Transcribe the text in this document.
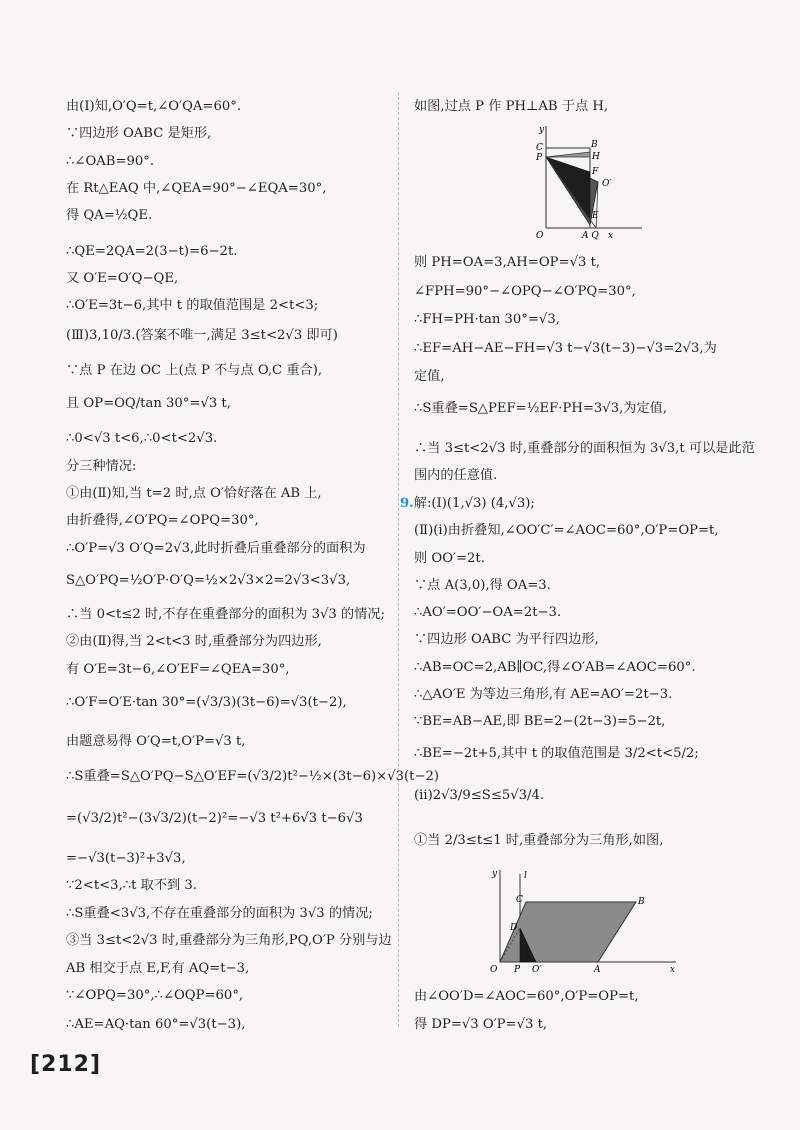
由(Ⅰ)知,O′Q=t,∠O′QA=60°.
∵四边形 OABC 是矩形,
∴∠OAB=90°.
在 Rt△EAQ 中,∠QEA=90°−∠EQA=30°,
得 QA=½QE.
∴QE=2QA=2(3−t)=6−2t.
又 O′E=O′Q−QE,
∴O′E=3t−6,其中 t 的取值范围是 2<t<3;
(Ⅲ)3,10/3.(答案不唯一,满足 3≤t<2√3 即可)
∵点 P 在边 OC 上(点 P 不与点 O,C 重合),
且 OP=OQ/tan 30°=√3 t,
∴0<√3 t<6,∴0<t<2√3.
分三种情况:
①由(Ⅱ)知,当 t=2 时,点 O′恰好落在 AB 上,
由折叠得,∠O′PQ=∠OPQ=30°,
∴O′P=√3 O′Q=2√3,此时折叠后重叠部分的面积为
S△O′PQ=½O′P·O′Q=½×2√3×2=2√3<3√3,
∴当 0<t≤2 时,不存在重叠部分的面积为 3√3 的情况;
②由(Ⅱ)得,当 2<t<3 时,重叠部分为四边形,
有 O′E=3t−6,∠O′EF=∠QEA=30°,
∴O′F=O′E·tan 30°=(√3/3)(3t−6)=√3(t−2),
由题意易得 O′Q=t,O′P=√3 t,
∴S重叠=S△O′PQ−S△O′EF=(√3/2)t²−½×(3t−6)×√3(t−2)
=(√3/2)t²−(3√3/2)(t−2)²=−√3 t²+6√3 t−6√3
=−√3(t−3)²+3√3,
∵2<t<3,∴t 取不到 3.
∴S重叠<3√3,不存在重叠部分的面积为 3√3 的情况;
③当 3≤t<2√3 时,重叠部分为三角形,PQ,O′P 分别与边
AB 相交于点 E,F,有 AQ=t−3,
∵∠OPQ=30°,∴∠OQP=60°,
∴AE=AQ·tan 60°=√3(t−3),
如图,过点 P 作 PH⊥AB 于点 H,
y
C	B
P	H
F
O′
E
O	A Q x
则 PH=OA=3,AH=OP=√3 t,
∠FPH=90°−∠OPQ−∠O′PQ=30°,
∴FH=PH·tan 30°=√3,
∴EF=AH−AE−FH=√3 t−√3(t−3)−√3=2√3,为
定值,
∴S重叠=S△PEF=½EF·PH=3√3,为定值,
∴当 3≤t<2√3 时,重叠部分的面积恒为 3√3,t 可以是此范
围内的任意值.
9.解:(Ⅰ)(1,√3) (4,√3);
(Ⅱ)(ⅰ)由折叠知,∠OO′C′=∠AOC=60°,O′P=OP=t,
则 OO′=2t.
∵点 A(3,0),得 OA=3.
∴AO′=OO′−OA=2t−3.
∵四边形 OABC 为平行四边形,
∴AB=OC=2,AB∥OC,得∠O′AB=∠AOC=60°.
∴△AO′E 为等边三角形,有 AE=AO′=2t−3.
∵BE=AB−AE,即 BE=2−(2t−3)=5−2t,
∴BE=−2t+5,其中 t 的取值范围是 3/2<t<5/2;
(ⅱ)2√3/9≤S≤5√3/4.
①当 2/3≤t≤1 时,重叠部分为三角形,如图,
y	l
C	B
D
O P O′	A	x
由∠OO′D=∠AOC=60°,O′P=OP=t,
得 DP=√3 O′P=√3 t,
[212]
